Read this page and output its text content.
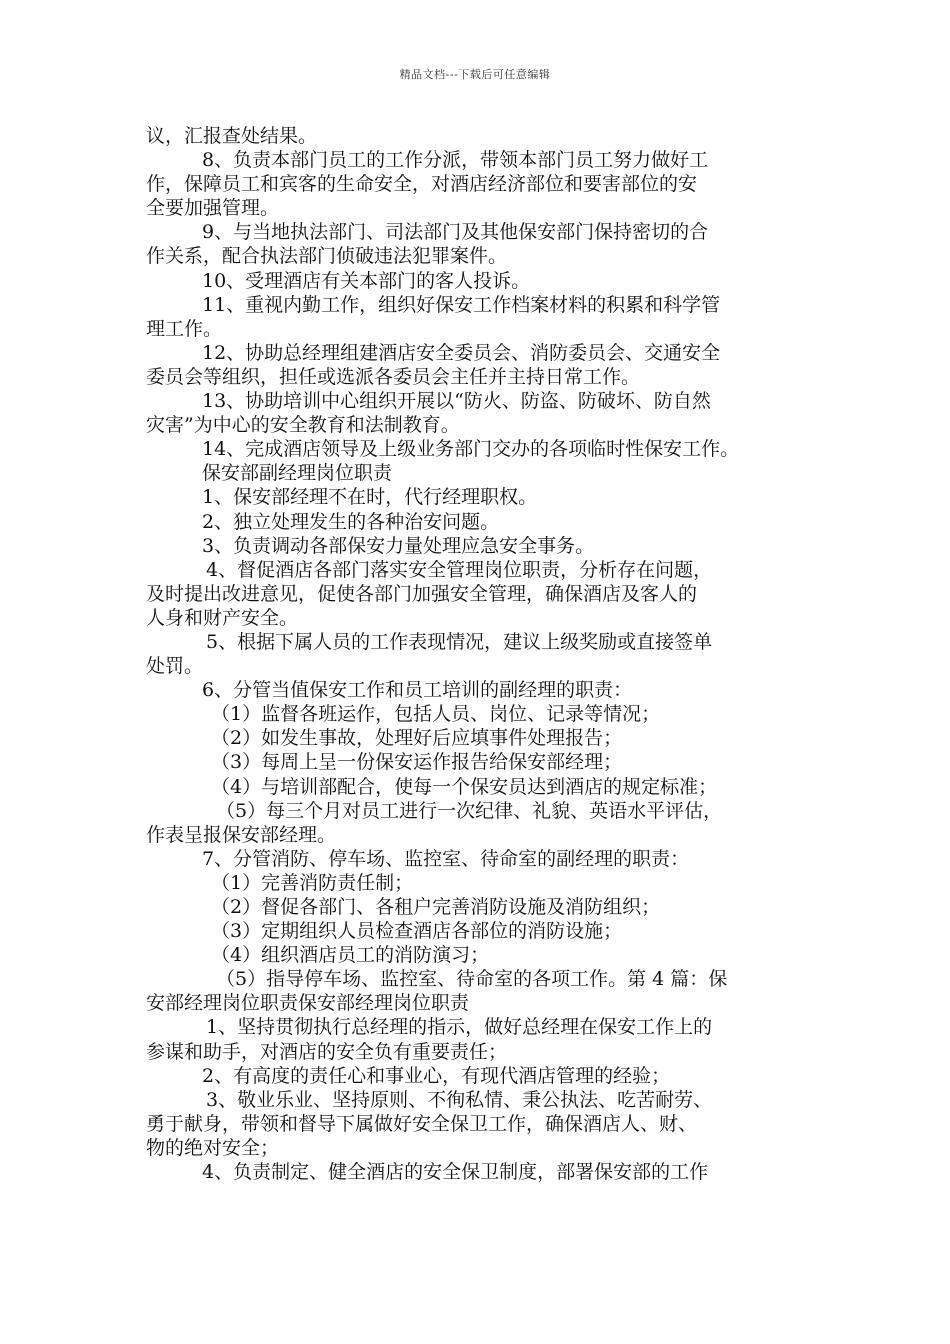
精品文档---下载后可任意编辑
议，汇报查处结果。
8、负责本部门员工的工作分派，带领本部门员工努力做好工
作，保障员工和宾客的生命安全，对酒店经济部位和要害部位的安
全要加强管理。
9、与当地执法部门、司法部门及其他保安部门保持密切的合
作关系，配合执法部门侦破违法犯罪案件。
10、受理酒店有关本部门的客人投诉。
11、重视内勤工作，组织好保安工作档案材料的积累和科学管
理工作。
12、协助总经理组建酒店安全委员会、消防委员会、交通安全
委员会等组织，担任或选派各委员会主任并主持日常工作。
13、协助培训中心组织开展以“防火、防盗、防破坏、防自然
灾害”为中心的安全教育和法制教育。
14、完成酒店领导及上级业务部门交办的各项临时性保安工作。
保安部副经理岗位职责
1、保安部经理不在时，代行经理职权。
2、独立处理发生的各种治安问题。
3、负责调动各部保安力量处理应急安全事务。
4、督促酒店各部门落实安全管理岗位职责，分析存在问题，
及时提出改进意见，促使各部门加强安全管理，确保酒店及客人的
人身和财产安全。
5、根据下属人员的工作表现情况，建议上级奖励或直接签单
处罚。
6、分管当值保安工作和员工培训的副经理的职责：
（1）监督各班运作，包括人员、岗位、记录等情况；
（2）如发生事故，处理好后应填事件处理报告；
（3）每周上呈一份保安运作报告给保安部经理；
（4）与培训部配合，使每一个保安员达到酒店的规定标准；
（5）每三个月对员工进行一次纪律、礼貌、英语水平评估，
作表呈报保安部经理。
7、分管消防、停车场、监控室、待命室的副经理的职责：
（1）完善消防责任制；
（2）督促各部门、各租户完善消防设施及消防组织；
（3）定期组织人员检查酒店各部位的消防设施；
（4）组织酒店员工的消防演习；
（5）指导停车场、监控室、待命室的各项工作。第 4 篇：保
安部经理岗位职责保安部经理岗位职责
1、坚持贯彻执行总经理的指示，做好总经理在保安工作上的
参谋和助手，对酒店的安全负有重要责任；
2、有高度的责任心和事业心，有现代酒店管理的经验；
3、敬业乐业、坚持原则、不徇私情、秉公执法、吃苦耐劳、
勇于献身，带领和督导下属做好安全保卫工作，确保酒店人、财、
物的绝对安全；
4、负责制定、健全酒店的安全保卫制度，部署保安部的工作
